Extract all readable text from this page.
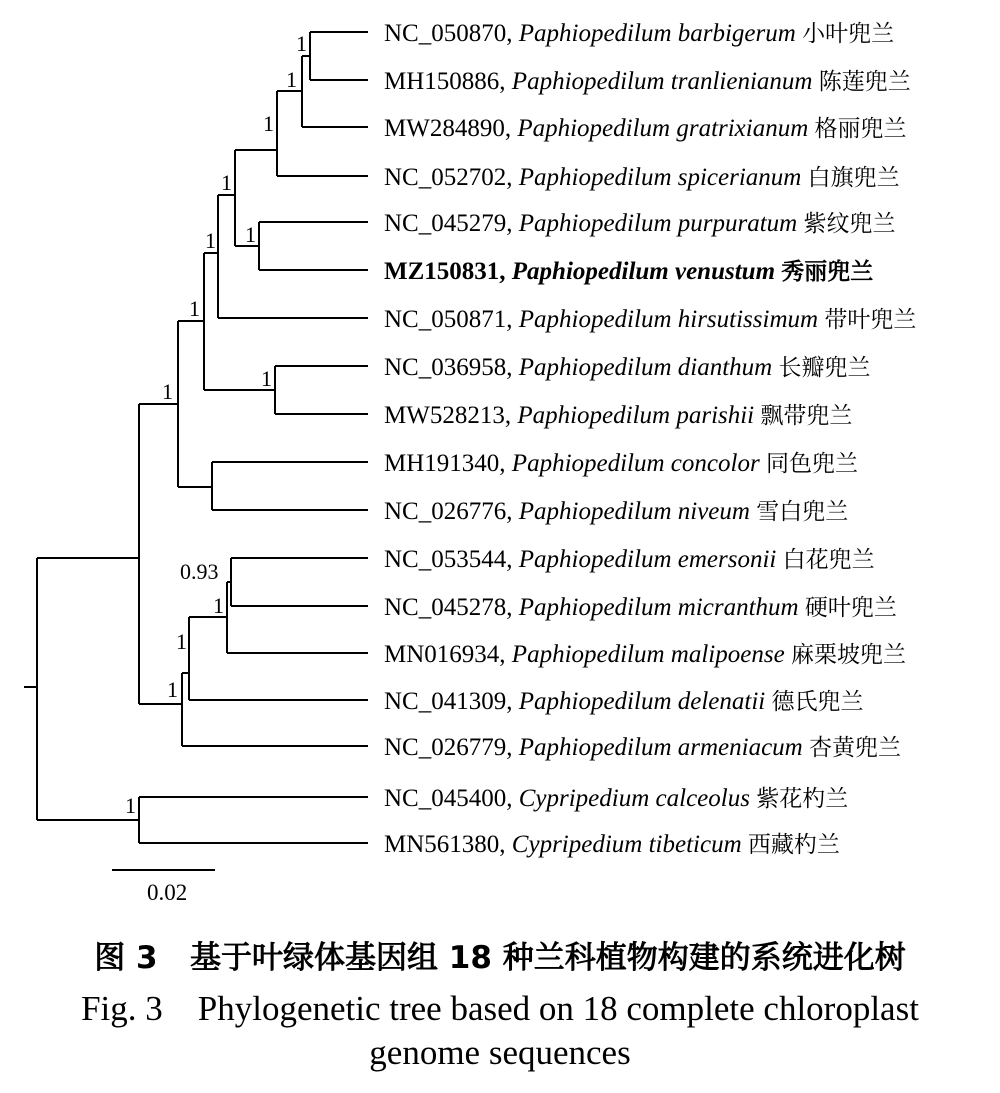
1
1
1
1
1
1
1
1
1
0.93
1
1
1
1
NC_050870, Paphiopedilum barbigerum 小叶兜兰
MH150886, Paphiopedilum tranlienianum 陈莲兜兰
MW284890, Paphiopedilum gratrixianum 格丽兜兰
NC_052702, Paphiopedilum spicerianum 白旗兜兰
NC_045279, Paphiopedilum purpuratum 紫纹兜兰
MZ150831, Paphiopedilum venustum 秀丽兜兰
NC_050871, Paphiopedilum hirsutissimum 带叶兜兰
NC_036958, Paphiopedilum dianthum 长瓣兜兰
MW528213, Paphiopedilum parishii 飘带兜兰
MH191340, Paphiopedilum concolor 同色兜兰
NC_026776, Paphiopedilum niveum 雪白兜兰
NC_053544, Paphiopedilum emersonii 白花兜兰
NC_045278, Paphiopedilum micranthum 硬叶兜兰
MN016934, Paphiopedilum malipoense 麻栗坡兜兰
NC_041309, Paphiopedilum delenatii 德氏兜兰
NC_026779, Paphiopedilum armeniacum 杏黄兜兰
NC_045400, Cypripedium calceolus 紫花杓兰
MN561380, Cypripedium tibeticum 西藏杓兰
0.02
图 3   基于叶绿体基因组 18 种兰科植物构建的系统进化树
Fig. 3    Phylogenetic tree based on 18 complete chloroplast
genome sequences
